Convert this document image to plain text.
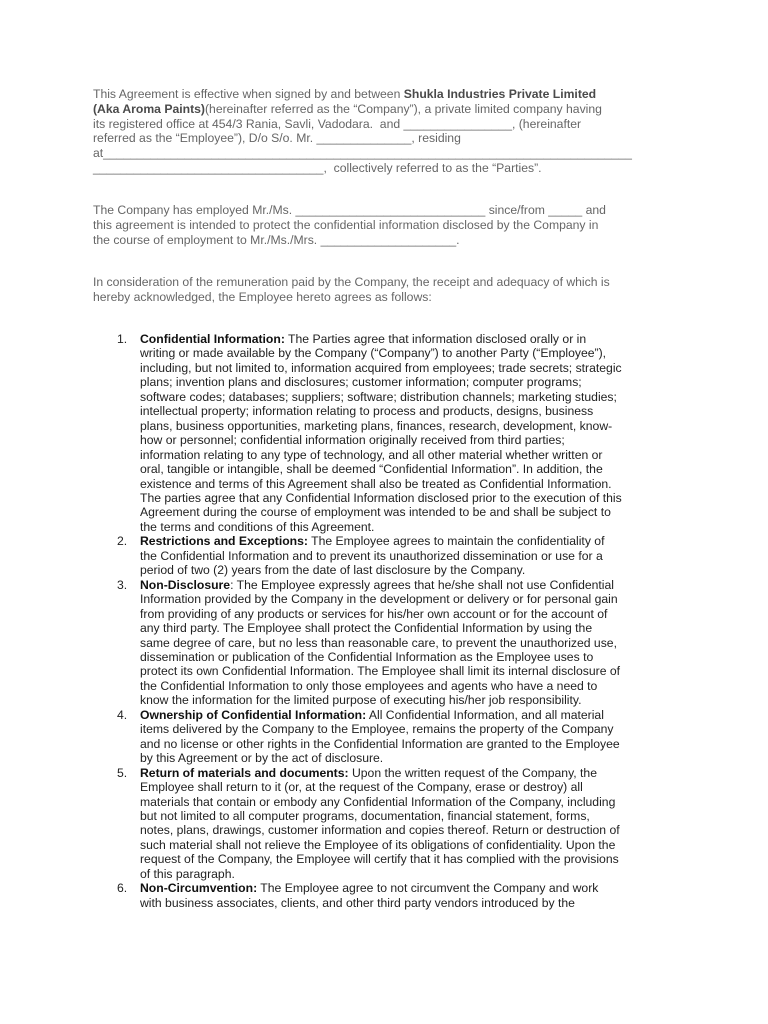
This Agreement is effective when signed by and between Shukla Industries Private Limited
(Aka Aroma Paints)(hereinafter referred as the “Company”), a private limited company having
its registered office at 454/3 Rania, Savli, Vadodara.  and ________________, (hereinafter
referred as the “Employee”), D/o S/o. Mr. ______________, residing
at______________________________________________________________________________
__________________________________,  collectively referred to as the “Parties”.
The Company has employed Mr./Ms. ____________________________ since/from _____ and
this agreement is intended to protect the confidential information disclosed by the Company in
the course of employment to Mr./Ms./Mrs. ____________________.
In consideration of the remuneration paid by the Company, the receipt and adequacy of which is
hereby acknowledged, the Employee hereto agrees as follows:
1. Confidential Information: The Parties agree that information disclosed orally or in
writing or made available by the Company (“Company”) to another Party (“Employee”),
including, but not limited to, information acquired from employees; trade secrets; strategic
plans; invention plans and disclosures; customer information; computer programs;
software codes; databases; suppliers; software; distribution channels; marketing studies;
intellectual property; information relating to process and products, designs, business
plans, business opportunities, marketing plans, finances, research, development, know-
how or personnel; confidential information originally received from third parties;
information relating to any type of technology, and all other material whether written or
oral, tangible or intangible, shall be deemed “Confidential Information”. In addition, the
existence and terms of this Agreement shall also be treated as Confidential Information.
The parties agree that any Confidential Information disclosed prior to the execution of this
Agreement during the course of employment was intended to be and shall be subject to
the terms and conditions of this Agreement.
2. Restrictions and Exceptions: The Employee agrees to maintain the confidentiality of
the Confidential Information and to prevent its unauthorized dissemination or use for a
period of two (2) years from the date of last disclosure by the Company.
3. Non-Disclosure: The Employee expressly agrees that he/she shall not use Confidential
Information provided by the Company in the development or delivery or for personal gain
from providing of any products or services for his/her own account or for the account of
any third party. The Employee shall protect the Confidential Information by using the
same degree of care, but no less than reasonable care, to prevent the unauthorized use,
dissemination or publication of the Confidential Information as the Employee uses to
protect its own Confidential Information. The Employee shall limit its internal disclosure of
the Confidential Information to only those employees and agents who have a need to
know the information for the limited purpose of executing his/her job responsibility.
4. Ownership of Confidential Information: All Confidential Information, and all material
items delivered by the Company to the Employee, remains the property of the Company
and no license or other rights in the Confidential Information are granted to the Employee
by this Agreement or by the act of disclosure.
5. Return of materials and documents: Upon the written request of the Company, the
Employee shall return to it (or, at the request of the Company, erase or destroy) all
materials that contain or embody any Confidential Information of the Company, including
but not limited to all computer programs, documentation, financial statement, forms,
notes, plans, drawings, customer information and copies thereof. Return or destruction of
such material shall not relieve the Employee of its obligations of confidentiality. Upon the
request of the Company, the Employee will certify that it has complied with the provisions
of this paragraph.
6. Non-Circumvention: The Employee agree to not circumvent the Company and work
with business associates, clients, and other third party vendors introduced by the
